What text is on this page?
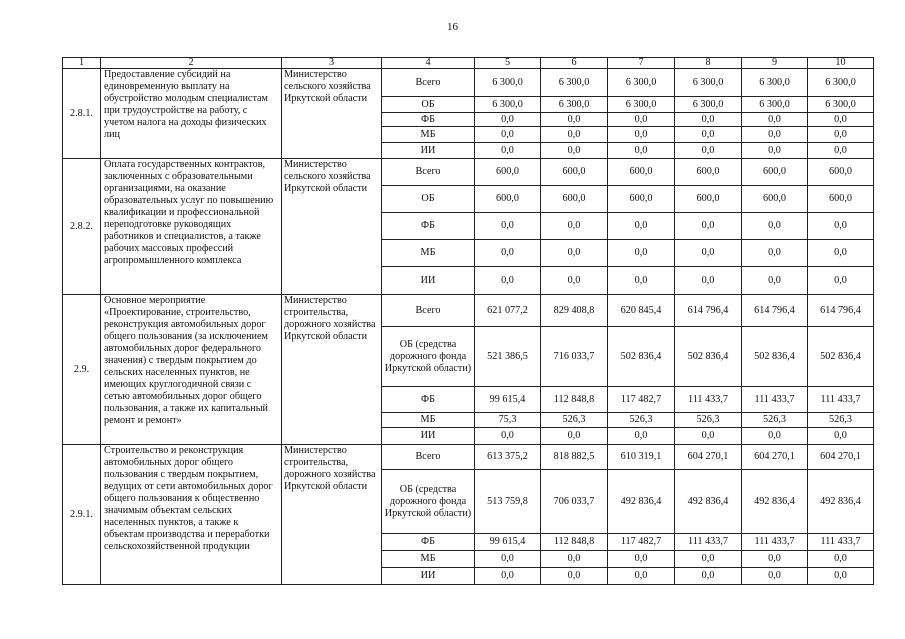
16
1	2	3	4	5	6	7	8	9	10
2.8.1.	Предоставление субсидий на единовременную выплату на обустройство молодым специалистам при трудоустройстве на работу, с учетом налога на доходы физических лиц	Министерство сельского хозяйства Иркутской области	Всего	6 300,0	6 300,0	6 300,0	6 300,0	6 300,0	6 300,0
			ОБ	6 300,0	6 300,0	6 300,0	6 300,0	6 300,0	6 300,0
			ФБ	0,0	0,0	0,0	0,0	0,0	0,0
			МБ	0,0	0,0	0,0	0,0	0,0	0,0
			ИИ	0,0	0,0	0,0	0,0	0,0	0,0
2.8.2.	Оплата государственных контрактов, заключенных с образовательными организациями, на оказание образовательных услуг по повышению квалификации и профессиональной переподготовке руководящих работников и специалистов, а также рабочих массовых профессий агропромышленного комплекса	Министерство сельского хозяйства Иркутской области	Всего	600,0	600,0	600,0	600,0	600,0	600,0
			ОБ	600,0	600,0	600,0	600,0	600,0	600,0
			ФБ	0,0	0,0	0,0	0,0	0,0	0,0
			МБ	0,0	0,0	0,0	0,0	0,0	0,0
			ИИ	0,0	0,0	0,0	0,0	0,0	0,0
2.9.	Основное мероприятие «Проектирование, строительство, реконструкция автомобильных дорог общего пользования (за исключением автомобильных дорог федерального значения) с твердым покрытием до сельских населенных пунктов, не имеющих круглогодичной связи с сетью автомобильных дорог общего пользования, а также их капитальный ремонт и ремонт»	Министерство строительства, дорожного хозяйства Иркутской области	Всего	621 077,2	829 408,8	620 845,4	614 796,4	614 796,4	614 796,4
			ОБ (средства дорожного фонда Иркутской области)	521 386,5	716 033,7	502 836,4	502 836,4	502 836,4	502 836,4
			ФБ	99 615,4	112 848,8	117 482,7	111 433,7	111 433,7	111 433,7
			МБ	75,3	526,3	526,3	526,3	526,3	526,3
			ИИ	0,0	0,0	0,0	0,0	0,0	0,0
2.9.1.	Строительство и реконструкция автомобильных дорог общего пользования с твердым покрытием, ведущих от сети автомобильных дорог общего пользования к общественно значимым объектам сельских населенных пунктов, а также к объектам производства и переработки сельскохозяйственной продукции	Министерство строительства, дорожного хозяйства Иркутской области	Всего	613 375,2	818 882,5	610 319,1	604 270,1	604 270,1	604 270,1
			ОБ (средства дорожного фонда Иркутской области)	513 759,8	706 033,7	492 836,4	492 836,4	492 836,4	492 836,4
			ФБ	99 615,4	112 848,8	117 482,7	111 433,7	111 433,7	111 433,7
			МБ	0,0	0,0	0,0	0,0	0,0	0,0
			ИИ	0,0	0,0	0,0	0,0	0,0	0,0
